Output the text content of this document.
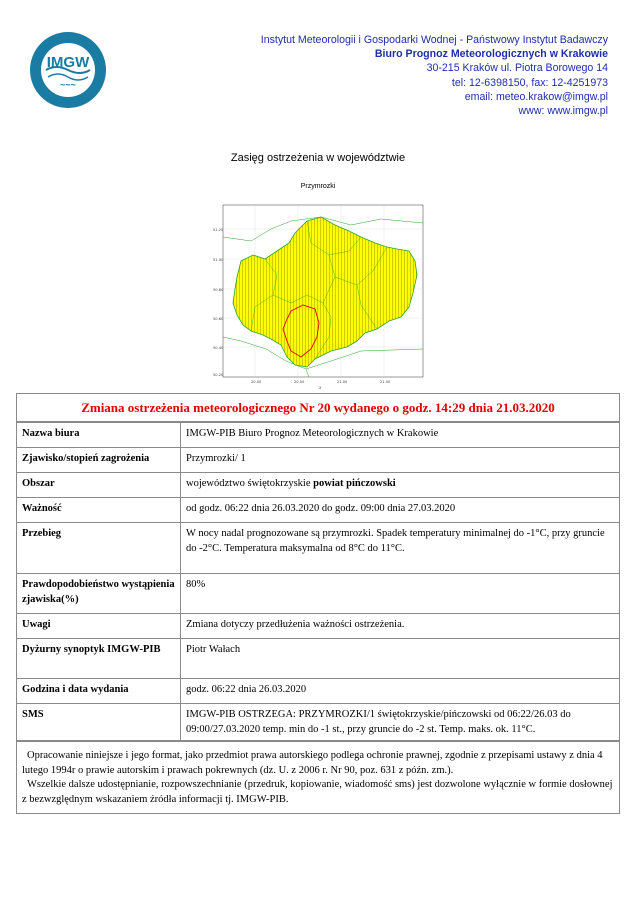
IMGW
~~~
Instytut Meteorologii i Gospodarki Wodnej - Państwowy Instytut Badawczy
Biuro Prognoz Meteorologicznych w Krakowie
30-215 Kraków ul. Piotra Borowego 14
tel: 12-6398150, fax: 12-4251973
email: meteo.krakow@imgw.pl
www: www.imgw.pl
Zasięg ostrzeżenia w województwie
Przymrozki
51.20
51.00
50.80
50.60
50.40
50.20
20.00	20.50	21.00	21.50
X
Zmiana ostrzeżenia meteorologicznego Nr 20 wydanego o godz. 14:29 dnia 21.03.2020
Nazwa biura	IMGW-PIB Biuro Prognoz Meteorologicznych w Krakowie
Zjawisko/stopień zagrożenia	Przymrozki/ 1
Obszar	województwo świętokrzyskie powiat pińczowski
Ważność	od godz. 06:22 dnia 26.03.2020 do godz. 09:00 dnia 27.03.2020
Przebieg	W nocy nadal prognozowane są przymrozki. Spadek temperatury minimalnej do -1°C, przy gruncie do -2°C. Temperatura maksymalna od 8°C do 11°C.
Prawdopodobieństwo wystąpienia zjawiska(%)	80%
Uwagi	Zmiana dotyczy przedłużenia ważności ostrzeżenia.
Dyżurny synoptyk IMGW-PIB	Piotr Wałach
Godzina i data wydania	godz. 06:22 dnia 26.03.2020
SMS	IMGW-PIB OSTRZEGA: PRZYMROZKI/1 świętokrzyskie/pińczowski od 06:22/26.03 do 09:00/27.03.2020 temp. min do -1 st., przy gruncie do -2 st. Temp. maks. ok. 11°C.

Opracowanie niniejsze i jego format, jako przedmiot prawa autorskiego podlega ochronie prawnej, zgodnie z przepisami ustawy z dnia 4 lutego 1994r o prawie autorskim i prawach pokrewnych (dz. U. z 2006 r. Nr 90, poz. 631 z późn. zm.).

Wszelkie dalsze udostępnianie, rozpowszechnianie (przedruk, kopiowanie, wiadomość sms) jest dozwolone wyłącznie w formie dosłownej z bezwzględnym wskazaniem źródła informacji tj. IMGW-PIB.
